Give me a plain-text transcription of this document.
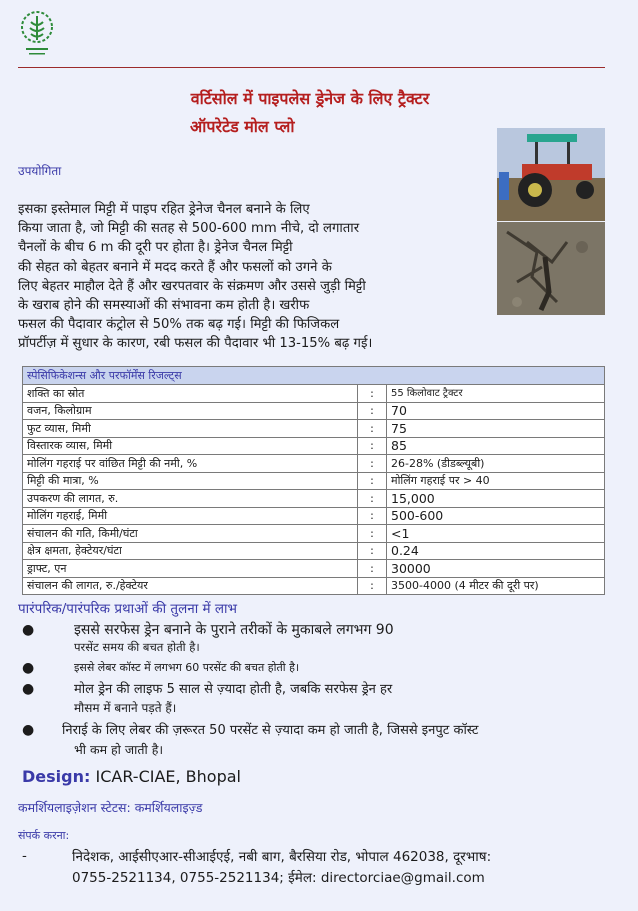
वर्टिसोल में पाइपलेस ड्रेनेज के लिए ट्रैक्टर
ऑपरेटेड मोल प्लो
उपयोगिता

इसका इस्तेमाल मिट्टी में पाइप रहित ड्रेनेज चैनल बनाने के लिए

किया जाता है, जो मिट्टी की सतह से 500-600 mm नीचे, दो लगातार

चैनलों के बीच 6 m की दूरी पर होता है। ड्रेनेज चैनल मिट्टी

की सेहत को बेहतर बनाने में मदद करते हैं और फसलों को उगने के

लिए बेहतर माहौल देते हैं और खरपतवार के संक्रमण और उससे जुड़ी मिट्टी

के खराब होने की समस्याओं की संभावना कम होती है। खरीफ

फसल की पैदावार कंट्रोल से 50% तक बढ़ गई। मिट्टी की फिजिकल

प्रॉपर्टीज़ में सुधार के कारण, रबी फसल की पैदावार भी 13-15% बढ़ गई।

स्पेसिफिकेशन्स और परफॉर्मेंस रिजल्ट्स		
शक्ति का स्रोत	:	55 किलोवाट ट्रैक्टर
वजन, किलोग्राम	:	70
फुट व्यास, मिमी	:	75
विस्तारक व्यास, मिमी	:	85
मोलिंग गहराई पर वांछित मिट्टी की नमी, %	:	26-28% (डीडब्ल्यूबी)
मिट्टी की मात्रा, %	:	मोलिंग गहराई पर > 40
उपकरण की लागत, रु.	:	15,000
मोलिंग गहराई, मिमी	:	500-600
संचालन की गति, किमी/घंटा	:	<1
क्षेत्र क्षमता, हेक्टेयर/घंटा	:	0.24
ड्राफ्ट, एन	:	30000
संचालन की लागत, रु./हेक्टेयर	:	3500-4000 (4 मीटर की दूरी पर)
पारंपरिक/पारंपरिक प्रथाओं की तुलना में लाभ
●	इससे सरफेस ड्रेन बनाने के पुराने तरीकों के मुकाबले लगभग 90
परसेंट समय की बचत होती है।
●	इससे लेबर कॉस्ट में लगभग 60 परसेंट की बचत होती है।
●	मोल ड्रेन की लाइफ 5 साल से ज़्यादा होती है, जबकि सरफेस ड्रेन हर
मौसम में बनाने पड़ते हैं।
● निराई के लिए लेबर की ज़रूरत 50 परसेंट से ज़्यादा कम हो जाती है, जिससे इनपुट कॉस्ट
भी कम हो जाती है।
Design: ICAR-CIAE, Bhopal
कमर्शियलाइज़ेशन स्टेटस: कमर्शियलाइज़्ड
संपर्क करना:
-	निदेशक, आईसीएआर-सीआईएई, नबी बाग, बैरसिया रोड, भोपाल 462038, दूरभाष:
0755-2521134, 0755-2521134; ईमेल: directorciae@gmail.com
